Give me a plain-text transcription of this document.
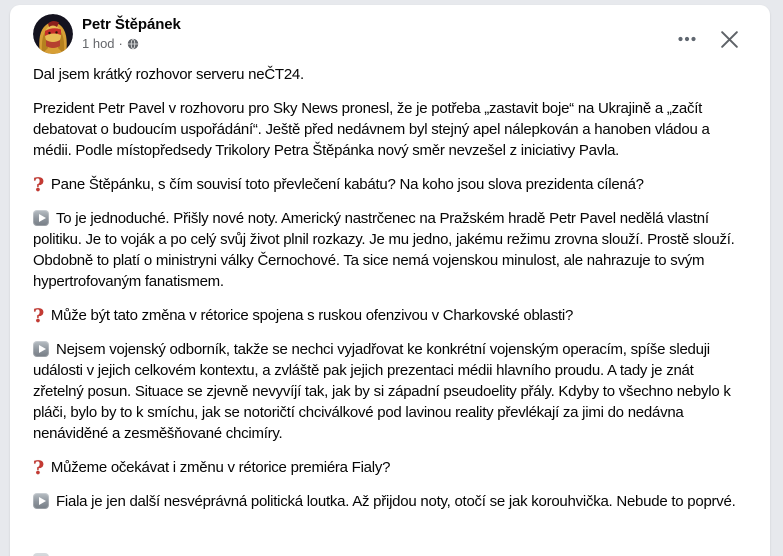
Petr Štěpánek
1 hod ·

Dal jsem krátký rozhovor serveru neČT24.

Prezident Petr Pavel v rozhovoru pro Sky News pronesl, že je potřeba „zastavit boje“ na Ukrajině a „začít debatovat o budoucím uspořádání“. Ještě před nedávnem byl stejný apel nálepkován a hanoben vládou a médii. Podle místopředsedy Trikolory Petra Štěpánka nový směr nevzešel z iniciativy Pavla.

? Pane Štěpánku, s čím souvisí toto převlečení kabátu? Na koho jsou slova prezidenta cílená?

To je jednoduché. Přišly nové noty. Americký nastrčenec na Pražském hradě Petr Pavel nedělá vlastní politiku. Je to voják a po celý svůj život plnil rozkazy. Je mu jedno, jakému režimu zrovna slouží. Prostě slouží. Obdobně to platí o ministryni války Černochové. Ta sice nemá vojenskou minulost, ale nahrazuje to svým hypertrofovaným fanatismem.

? Může být tato změna v rétorice spojena s ruskou ofenzivou v Charkovské oblasti?

Nejsem vojenský odborník, takže se nechci vyjadřovat ke konkrétní vojenským operacím, spíše sleduji události v jejich celkovém kontextu, a zvláště pak jejich prezentaci médii hlavního proudu. A tady je znát zřetelný posun. Situace se zjevně nevyvíjí tak, jak by si západní pseudoelity přály. Kdyby to všechno nebylo k pláči, bylo by to k smíchu, jak se notoričtí chciválkové pod lavinou reality převlékají za jimi do nedávna nenáviděné a zesměšňované chcimíry.

? Můžeme očekávat i změnu v rétorice premiéra Fialy?

Fiala je jen další nesvéprávná politická loutka. Až přijdou noty, otočí se jak korouhvička. Nebude to poprvé.
